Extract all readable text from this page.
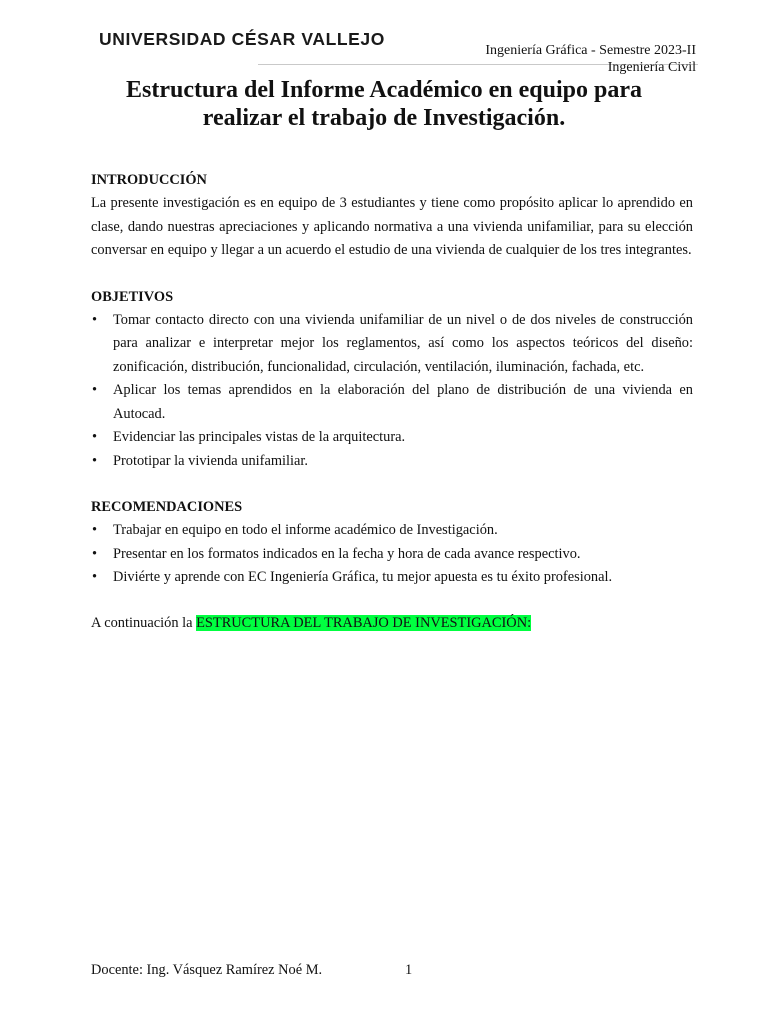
UNIVERSIDAD CÉSAR VALLEJO
Ingeniería Gráfica - Semestre 2023-II
Ingeniería Civil
Estructura del Informe Académico en equipo para
realizar el trabajo de Investigación.

INTRODUCCIÓN

La presente investigación es en equipo de 3 estudiantes y tiene como propósito aplicar lo aprendido en clase, dando nuestras apreciaciones y aplicando normativa a una vivienda unifamiliar, para su elección conversar en equipo y llegar a un acuerdo el estudio de una vivienda de cualquier de los tres integrantes.

OBJETIVOS

• Tomar contacto directo con una vivienda unifamiliar de un nivel o de dos niveles de construcción para analizar e interpretar mejor los reglamentos, así como los aspectos teóricos del diseño: zonificación, distribución, funcionalidad, circulación, ventilación, iluminación, fachada, etc.
• Aplicar los temas aprendidos en la elaboración del plano de distribución de una vivienda en Autocad.
• Evidenciar las principales vistas de la arquitectura.
• Prototipar la vivienda unifamiliar.

RECOMENDACIONES

• Trabajar en equipo en todo el informe académico de Investigación.
• Presentar en los formatos indicados en la fecha y hora de cada avance respectivo.
• Diviérte y aprende con EC Ingeniería Gráfica, tu mejor apuesta es tu éxito profesional.

A continuación la ESTRUCTURA DEL TRABAJO DE INVESTIGACIÓN:

Docente: Ing. Vásquez Ramírez Noé M.	1
